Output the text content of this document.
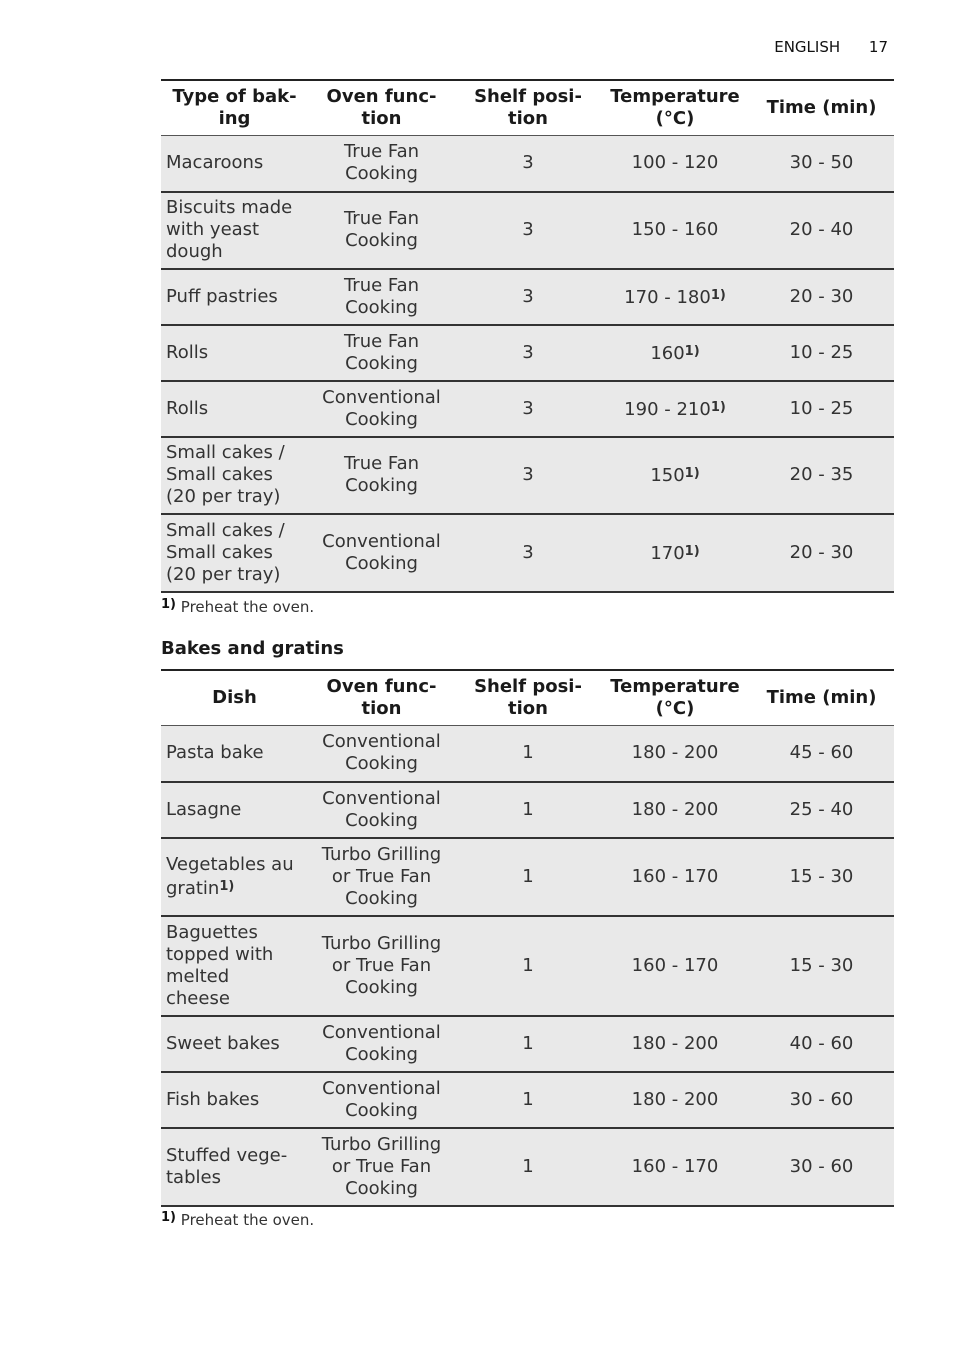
ENGLISH 17
Type of bak-
ing	Oven func-
tion	Shelf posi-
tion	Temperature
(°C)	Time (min)
Macaroons	True Fan
Cooking	3	100 - 120	30 - 50
Biscuits made
with yeast
dough	True Fan
Cooking	3	150 - 160	20 - 40
Puff pastries	True Fan
Cooking	3	170 - 180$^{1)}$	20 - 30
Rolls	True Fan
Cooking	3	160$^{1)}$	10 - 25
Rolls	Conventional
Cooking	3	190 - 210$^{1)}$	10 - 25
Small cakes /
Small cakes
(20 per tray)	True Fan
Cooking	3	150$^{1)}$	20 - 35
Small cakes /
Small cakes
(20 per tray)	Conventional
Cooking	3	170$^{1)}$	20 - 30
$^{1)}$ Preheat the oven.
Bakes and gratins
Dish	Oven func-
tion	Shelf posi-
tion	Temperature
(°C)	Time (min)
Pasta bake	Conventional
Cooking	1	180 - 200	45 - 60
Lasagne	Conventional
Cooking	1	180 - 200	25 - 40
Vegetables au
gratin$^{1)}$	Turbo Grilling
or True Fan
Cooking	1	160 - 170	15 - 30
Baguettes
topped with
melted
cheese	Turbo Grilling
or True Fan
Cooking	1	160 - 170	15 - 30
Sweet bakes	Conventional
Cooking	1	180 - 200	40 - 60
Fish bakes	Conventional
Cooking	1	180 - 200	30 - 60
Stuffed vege-
tables	Turbo Grilling
or True Fan
Cooking	1	160 - 170	30 - 60
$^{1)}$ Preheat the oven.
